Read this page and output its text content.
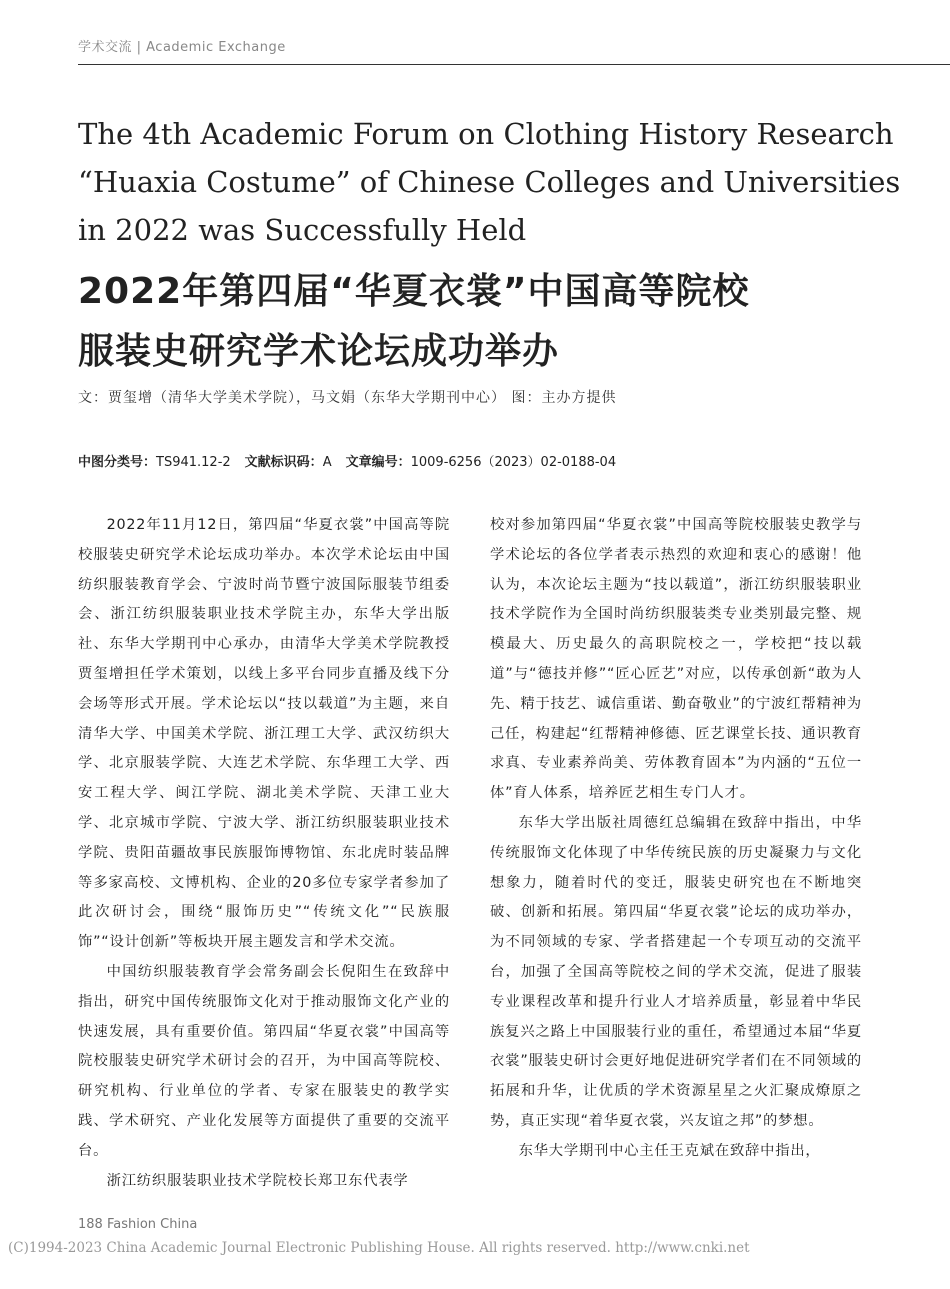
学术交流 | Academic Exchange
The 4th Academic Forum on Clothing History Research
“Huaxia Costume” of Chinese Colleges and Universities
in 2022 was Successfully Held
2022年第四届“华夏衣裳”中国高等院校
服装史研究学术论坛成功举办
文：贾玺增（清华大学美术学院），马文娟（东华大学期刊中心） 图：主办方提供
中图分类号：TS941.12-2 文献标识码：A 文章编号：1009-6256（2023）02-0188-04

2022年11月12日，第四届“华夏衣裳”中国高等院校服装史研究学术论坛成功举办。本次学术论坛由中国纺织服装教育学会、宁波时尚节暨宁波国际服装节组委会、浙江纺织服装职业技术学院主办，东华大学出版社、东华大学期刊中心承办，由清华大学美术学院教授贾玺增担任学术策划，以线上多平台同步直播及线下分会场等形式开展。学术论坛以“技以载道”为主题，来自清华大学、中国美术学院、浙江理工大学、武汉纺织大学、北京服装学院、大连艺术学院、东华理工大学、西安工程大学、闽江学院、湖北美术学院、天津工业大学、北京城市学院、宁波大学、浙江纺织服装职业技术学院、贵阳苗疆故事民族服饰博物馆、东北虎时装品牌等多家高校、文博机构、企业的20多位专家学者参加了此次研讨会，围绕“服饰历史”“传统文化”“民族服饰”“设计创新”等板块开展主题发言和学术交流。

中国纺织服装教育学会常务副会长倪阳生在致辞中指出，研究中国传统服饰文化对于推动服饰文化产业的快速发展，具有重要价值。第四届“华夏衣裳”中国高等院校服装史研究学术研讨会的召开，为中国高等院校、研究机构、行业单位的学者、专家在服装史的教学实践、学术研究、产业化发展等方面提供了重要的交流平台。

浙江纺织服装职业技术学院校长郑卫东代表学

校对参加第四届“华夏衣裳”中国高等院校服装史教学与学术论坛的各位学者表示热烈的欢迎和衷心的感谢！他认为，本次论坛主题为“技以载道”，浙江纺织服装职业技术学院作为全国时尚纺织服装类专业类别最完整、规模最大、历史最久的高职院校之一，学校把“技以载道”与“德技并修”“匠心匠艺”对应，以传承创新“敢为人先、精于技艺、诚信重诺、勤奋敬业”的宁波红帮精神为己任，构建起“红帮精神修德、匠艺课堂长技、通识教育求真、专业素养尚美、劳体教育固本”为内涵的“五位一体”育人体系，培养匠艺相生专门人才。

东华大学出版社周德红总编辑在致辞中指出，中华传统服饰文化体现了中华传统民族的历史凝聚力与文化想象力，随着时代的变迁，服装史研究也在不断地突破、创新和拓展。第四届“华夏衣裳”论坛的成功举办，为不同领域的专家、学者搭建起一个专项互动的交流平台，加强了全国高等院校之间的学术交流，促进了服装专业课程改革和提升行业人才培养质量，彰显着中华民族复兴之路上中国服装行业的重任，希望通过本届“华夏衣裳”服装史研讨会更好地促进研究学者们在不同领域的拓展和升华，让优质的学术资源星星之火汇聚成燎原之势，真正实现“着华夏衣裳，兴友谊之邦”的梦想。

东华大学期刊中心主任王克斌在致辞中指出，

188 Fashion China
(C)1994-2023 China Academic Journal Electronic Publishing House. All rights reserved. http://www.cnki.net
